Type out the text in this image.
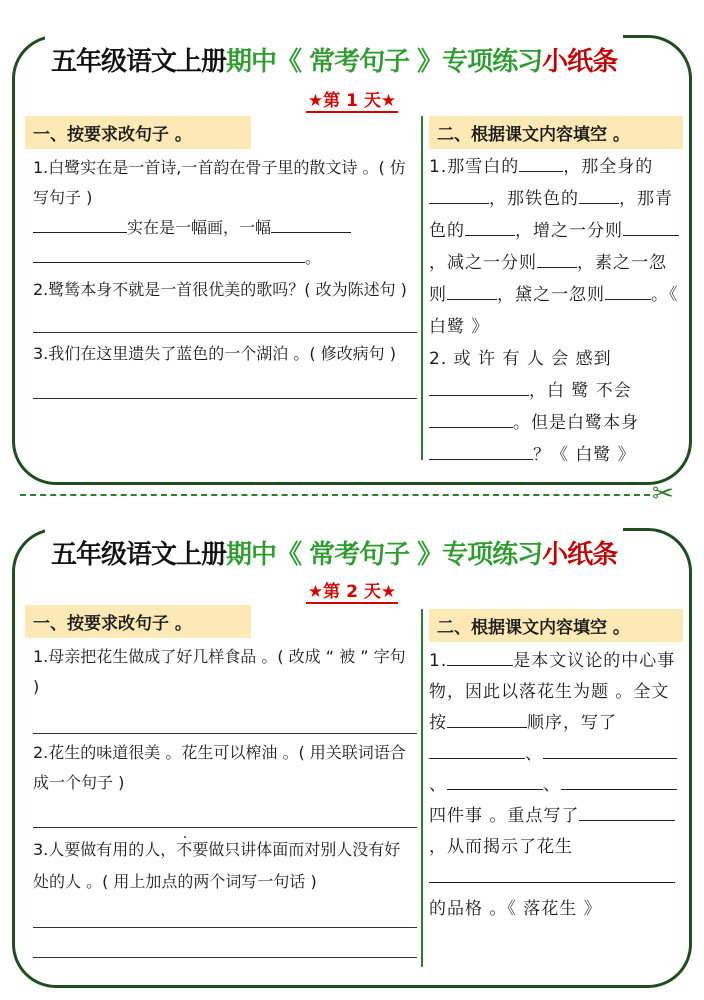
五年级语文上册期中《 常考句子 》专项练习小纸条
★第 1 天★
一、按要求改句子 。
1.白鹭实在是一首诗,一首韵在骨子里的散文诗 。( 仿写句子 )
实在是一幅画，一幅
。
2.鹭鸶本身不就是一首很优美的歌吗？( 改为陈述句 )
3.我们在这里遗失了蓝色的一个湖泊 。( 修改病句 )
二、根据课文内容填空 。
1.那雪白的	，那全身的，那铁色的 ，那青色的	，增之一分则，减之一分则 ，素之一忽则	，黛之一忽则	。《 白鹭 》
2. 或 许 有 人 会 感到，白 鹭 不会。但是白鹭本身？《 白鹭 》
✂
五年级语文上册期中《 常考句子 》专项练习小纸条
★第 2 天★
一、按要求改句子 。
1.母亲把花生做成了好几样食品 。( 改成 “ 被 ” 字句 )
2.花生的味道很美 。花生可以榨油 。( 用关联词语合成一个句子 )
3.人要做有用的人，不要做只讲体面而对别人没有好处的人 。( 用上加点的两个词写一句话 )
二、根据课文内容填空 。
1.	是本文议论的中心事物，因此以落花生为题 。全文按	顺序，写了、、	、四件事 。重点写了，从而揭示了花生的品格 。《 落花生 》
